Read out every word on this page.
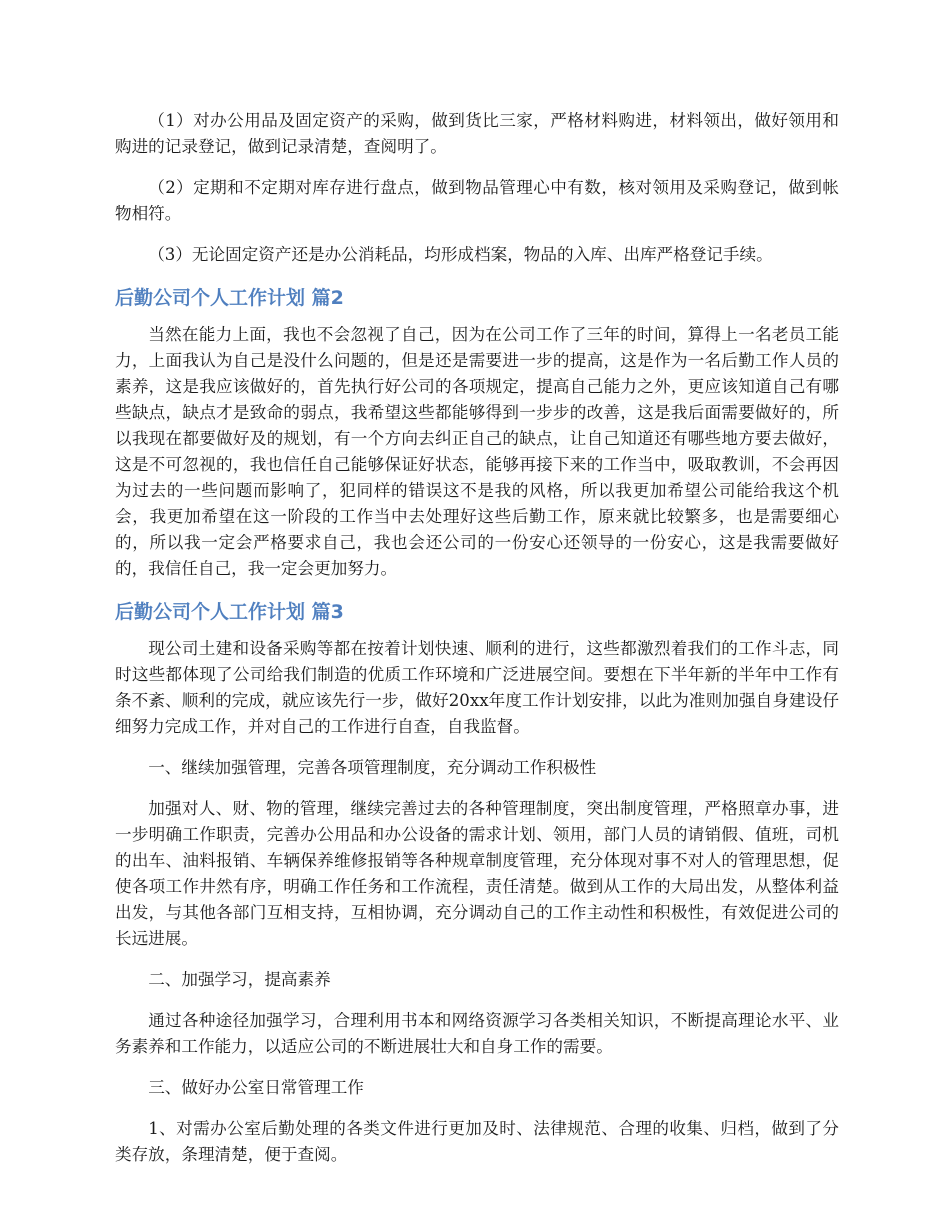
（1）对办公用品及固定资产的采购，做到货比三家，严格材料购进，材料领出，做好领用和购进的记录登记，做到记录清楚，查阅明了。

（2）定期和不定期对库存进行盘点，做到物品管理心中有数，核对领用及采购登记，做到帐物相符。

（3）无论固定资产还是办公消耗品，均形成档案，物品的入库、出库严格登记手续。

后勤公司个人工作计划 篇2

当然在能力上面，我也不会忽视了自己，因为在公司工作了三年的时间，算得上一名老员工能力，上面我认为自己是没什么问题的，但是还是需要进一步的提高，这是作为一名后勤工作人员的素养，这是我应该做好的，首先执行好公司的各项规定，提高自己能力之外，更应该知道自己有哪些缺点，缺点才是致命的弱点，我希望这些都能够得到一步步的改善，这是我后面需要做好的，所以我现在都要做好及的规划，有一个方向去纠正自己的缺点，让自己知道还有哪些地方要去做好，这是不可忽视的，我也信任自己能够保证好状态，能够再接下来的工作当中，吸取教训，不会再因为过去的一些问题而影响了，犯同样的错误这不是我的风格，所以我更加希望公司能给我这个机会，我更加希望在这一阶段的工作当中去处理好这些后勤工作，原来就比较繁多，也是需要细心的，所以我一定会严格要求自己，我也会还公司的一份安心还领导的一份安心，这是我需要做好的，我信任自己，我一定会更加努力。

后勤公司个人工作计划 篇3

现公司土建和设备采购等都在按着计划快速、顺利的进行，这些都激烈着我们的工作斗志，同时这些都体现了公司给我们制造的优质工作环境和广泛进展空间。要想在下半年新的半年中工作有条不紊、顺利的完成，就应该先行一步，做好20xx年度工作计划安排，以此为准则加强自身建设仔细努力完成工作，并对自己的工作进行自查，自我监督。

一、继续加强管理，完善各项管理制度，充分调动工作积极性

加强对人、财、物的管理，继续完善过去的各种管理制度，突出制度管理，严格照章办事，进一步明确工作职责，完善办公用品和办公设备的需求计划、领用，部门人员的请销假、值班，司机的出车、油料报销、车辆保养维修报销等各种规章制度管理，充分体现对事不对人的管理思想，促使各项工作井然有序，明确工作任务和工作流程，责任清楚。做到从工作的大局出发，从整体利益出发，与其他各部门互相支持，互相协调，充分调动自己的工作主动性和积极性，有效促进公司的长远进展。

二、加强学习，提高素养

通过各种途径加强学习，合理利用书本和网络资源学习各类相关知识，不断提高理论水平、业务素养和工作能力，以适应公司的不断进展壮大和自身工作的需要。

三、做好办公室日常管理工作

1、对需办公室后勤处理的各类文件进行更加及时、法律规范、合理的收集、归档，做到了分类存放，条理清楚，便于查阅。
